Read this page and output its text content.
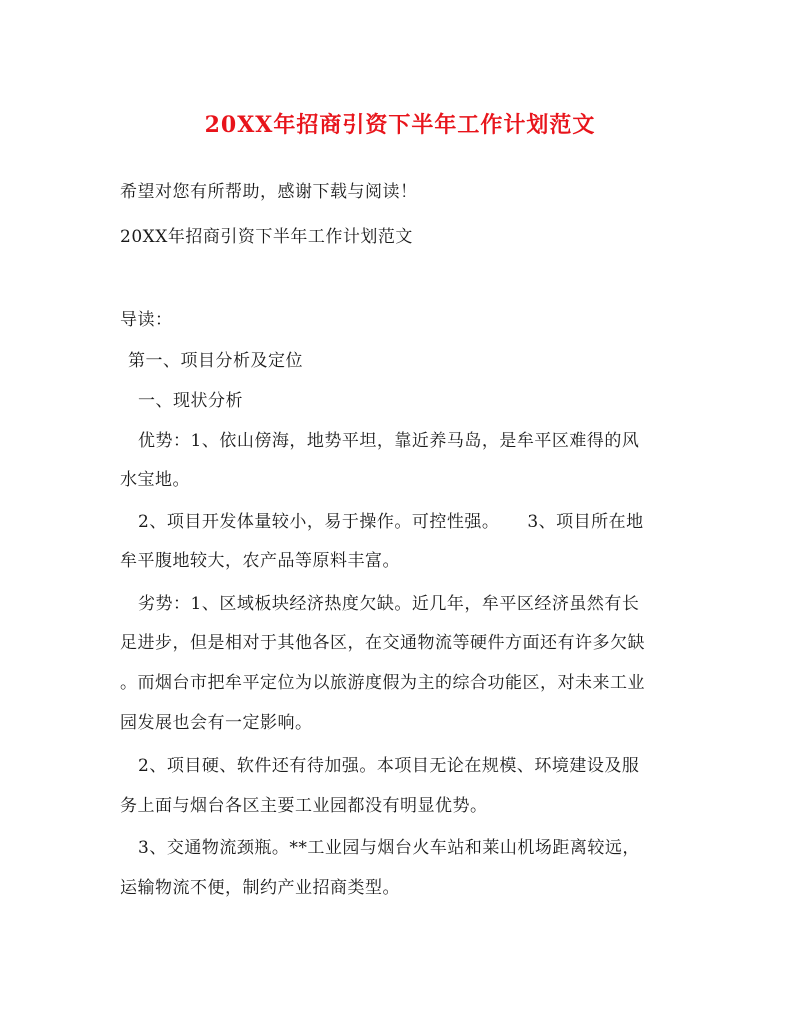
20XX年招商引资下半年工作计划范文
希望对您有所帮助，感谢下载与阅读！
20XX年招商引资下半年工作计划范文
导读：
第一、项目分析及定位
一、现状分析
优势：1、依山傍海，地势平坦，靠近养马岛，是牟平区难得的风
水宝地。
2、项目开发体量较小，易于操作。可控性强。 3、项目所在地
牟平腹地较大，农产品等原料丰富。
劣势：1、区域板块经济热度欠缺。近几年，牟平区经济虽然有长
足进步，但是相对于其他各区，在交通物流等硬件方面还有许多欠缺
。而烟台市把牟平定位为以旅游度假为主的综合功能区，对未来工业
园发展也会有一定影响。
2、项目硬、软件还有待加强。本项目无论在规模、环境建设及服
务上面与烟台各区主要工业园都没有明显优势。
3、交通物流颈瓶。**工业园与烟台火车站和莱山机场距离较远，
运输物流不便，制约产业招商类型。
